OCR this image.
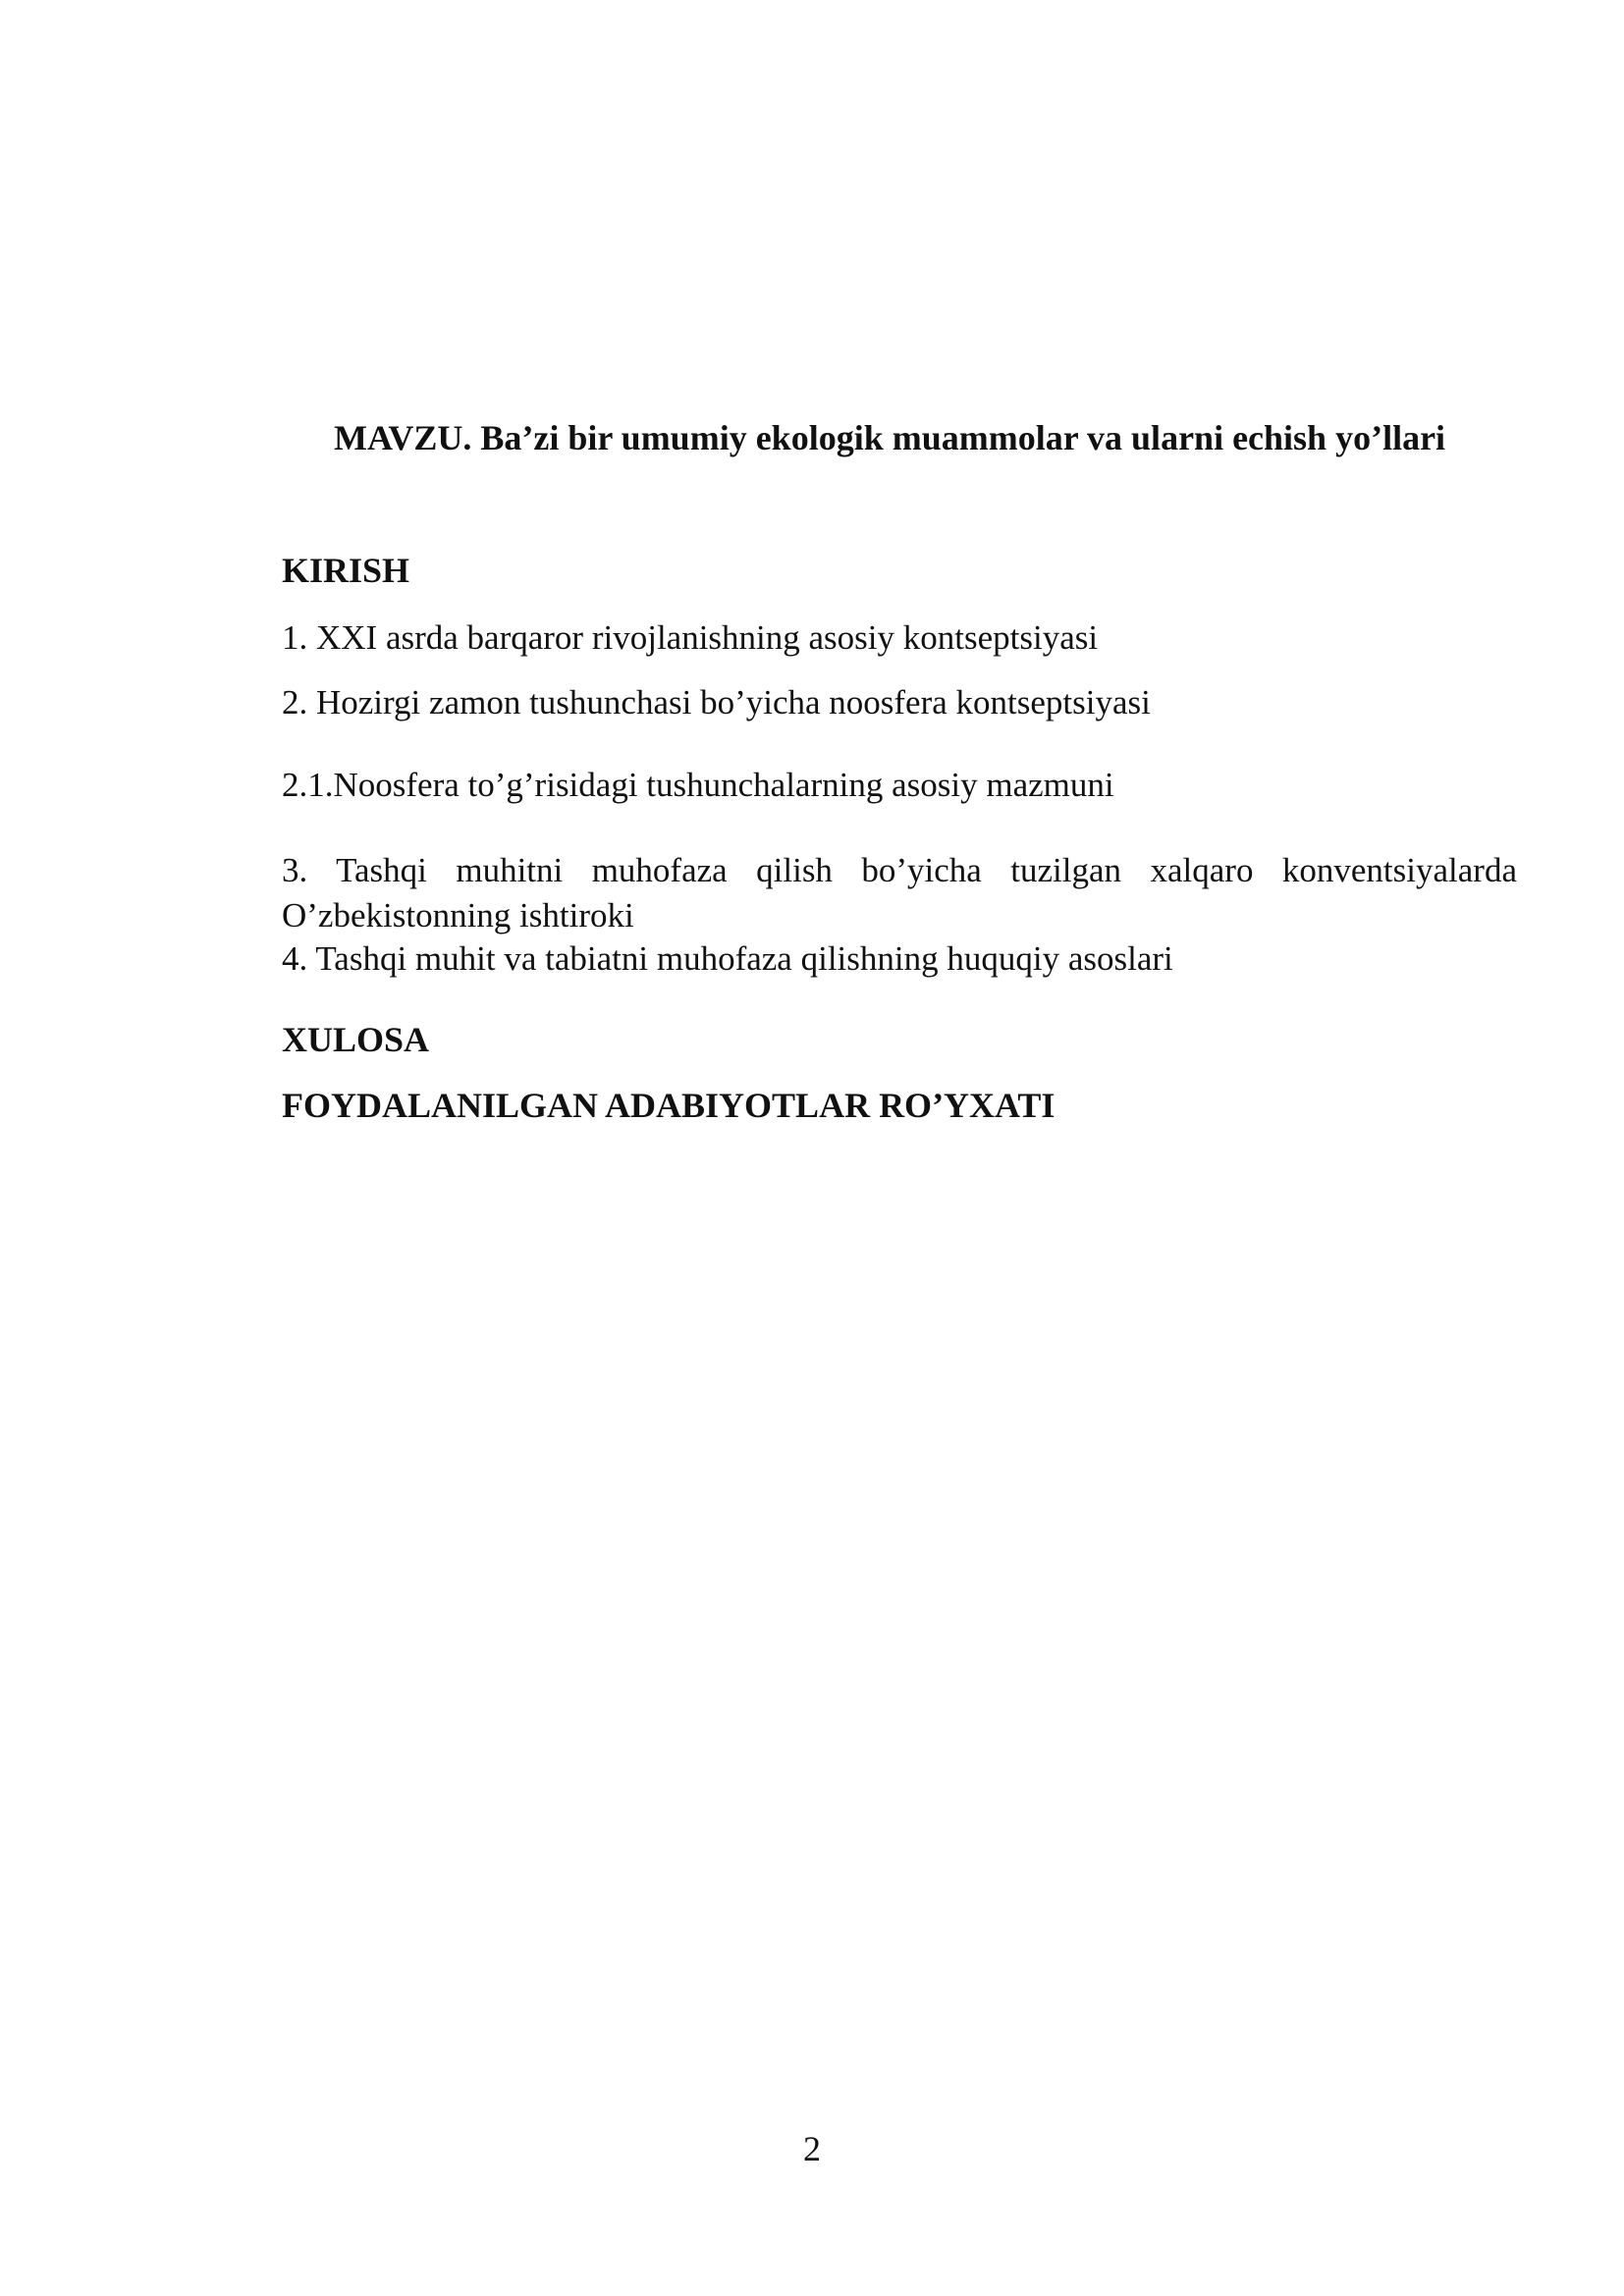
MAVZU. Ba’zi bir umumiy ekologik muammolar va ularni echish yo’llari
KIRISH
1. XXI asrda barqaror rivojlanishning asosiy kontseptsiyasi
2. Hozirgi zamon tushunchasi bo’yicha noosfera kontseptsiyasi
2.1.Noosfera to’g’risidagi tushunchalarning asosiy mazmuni
3. Tashqi muhitni muhofaza qilish bo’yicha tuzilgan xalqaro konventsiyalarda O’zbekistonning ishtiroki
4. Tashqi muhit va tabiatni muhofaza qilishning huquqiy asoslari
XULOSA
FOYDALANILGAN ADABIYOTLAR RO’YXATI
2
